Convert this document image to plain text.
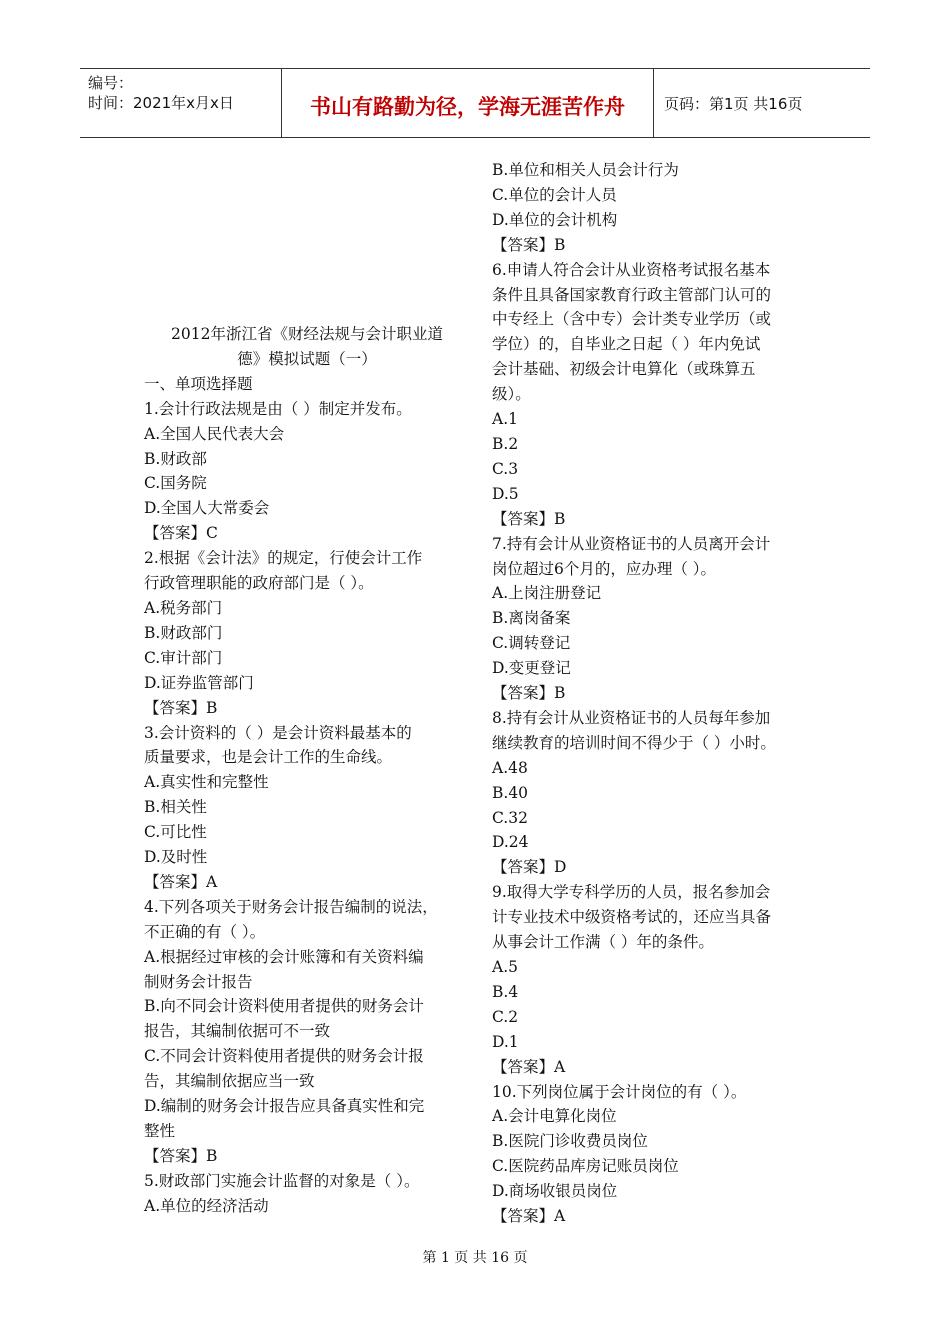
编号：
时间：2021年x月x日	书山有路勤为径，学海无涯苦作舟	页码：第1页 共16页
2012年浙江省《财经法规与会计职业道
德》模拟试题（一）
一、单项选择题
1.会计行政法规是由（ ）制定并发布。
A.全国人民代表大会
B.财政部
C.国务院
D.全国人大常委会
【答案】C
2.根据《会计法》的规定，行使会计工作
行政管理职能的政府部门是（ ）。
A.税务部门
B.财政部门
C.审计部门
D.证券监管部门
【答案】B
3.会计资料的（ ）是会计资料最基本的
质量要求，也是会计工作的生命线。
A.真实性和完整性
B.相关性
C.可比性
D.及时性
【答案】A
4.下列各项关于财务会计报告编制的说法，
不正确的有（ ）。
A.根据经过审核的会计账簿和有关资料编
制财务会计报告
B.向不同会计资料使用者提供的财务会计
报告，其编制依据可不一致
C.不同会计资料使用者提供的财务会计报
告，其编制依据应当一致
D.编制的财务会计报告应具备真实性和完
整性
【答案】B
5.财政部门实施会计监督的对象是（ ）。
A.单位的经济活动
B.单位和相关人员会计行为
C.单位的会计人员
D.单位的会计机构
【答案】B
6.申请人符合会计从业资格考试报名基本
条件且具备国家教育行政主管部门认可的
中专经上（含中专）会计类专业学历（或
学位）的，自毕业之日起（ ）年内免试
会计基础、初级会计电算化（或珠算五
级）。
A.1
B.2
C.3
D.5
【答案】B
7.持有会计从业资格证书的人员离开会计
岗位超过6个月的，应办理（ ）。
A.上岗注册登记
B.离岗备案
C.调转登记
D.变更登记
【答案】B
8.持有会计从业资格证书的人员每年参加
继续教育的培训时间不得少于（ ）小时。
A.48
B.40
C.32
D.24
【答案】D
9.取得大学专科学历的人员，报名参加会
计专业技术中级资格考试的，还应当具备
从事会计工作满（ ）年的条件。
A.5
B.4
C.2
D.1
【答案】A
10.下列岗位属于会计岗位的有（ ）。
A.会计电算化岗位
B.医院门诊收费员岗位
C.医院药品库房记账员岗位
D.商场收银员岗位
【答案】A
第 1 页 共 16 页
